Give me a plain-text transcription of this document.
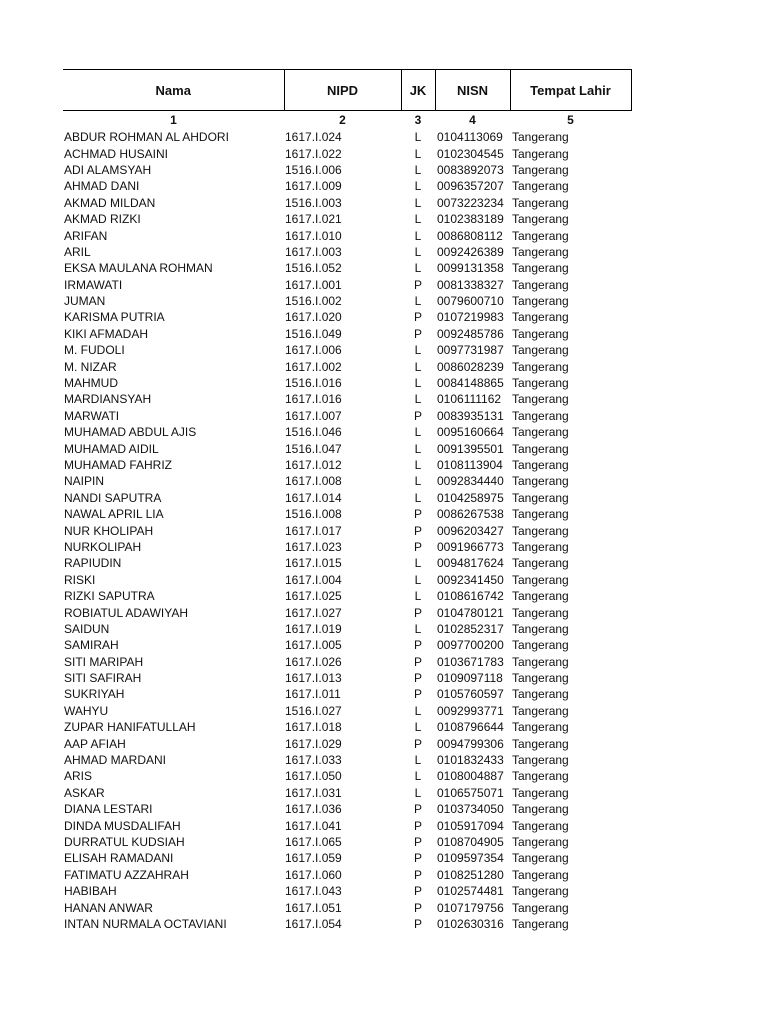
Nama	NIPD	JK	NISN	Tempat Lahir
1	2	3	4	5
ABDUR ROHMAN AL AHDORI	1617.I.024	L	0104113069	Tangerang
ACHMAD HUSAINI	1617.I.022	L	0102304545	Tangerang
ADI ALAMSYAH	1516.I.006	L	0083892073	Tangerang
AHMAD DANI	1617.I.009	L	0096357207	Tangerang
AKMAD MILDAN	1516.I.003	L	0073223234	Tangerang
AKMAD RIZKI	1617.I.021	L	0102383189	Tangerang
ARIFAN	1617.I.010	L	0086808112	Tangerang
ARIL	1617.I.003	L	0092426389	Tangerang
EKSA MAULANA ROHMAN	1516.I.052	L	0099131358	Tangerang
IRMAWATI	1617.I.001	P	0081338327	Tangerang
JUMAN	1516.I.002	L	0079600710	Tangerang
KARISMA PUTRIA	1617.I.020	P	0107219983	Tangerang
KIKI AFMADAH	1516.I.049	P	0092485786	Tangerang
M. FUDOLI	1617.I.006	L	0097731987	Tangerang
M. NIZAR	1617.I.002	L	0086028239	Tangerang
MAHMUD	1516.I.016	L	0084148865	Tangerang
MARDIANSYAH	1617.I.016	L	0106111162	Tangerang
MARWATI	1617.I.007	P	0083935131	Tangerang
MUHAMAD ABDUL AJIS	1516.I.046	L	0095160664	Tangerang
MUHAMAD AIDIL	1516.I.047	L	0091395501	Tangerang
MUHAMAD FAHRIZ	1617.I.012	L	0108113904	Tangerang
NAIPIN	1617.I.008	L	0092834440	Tangerang
NANDI SAPUTRA	1617.I.014	L	0104258975	Tangerang
NAWAL APRIL LIA	1516.I.008	P	0086267538	Tangerang
NUR KHOLIPAH	1617.I.017	P	0096203427	Tangerang
NURKOLIPAH	1617.I.023	P	0091966773	Tangerang
RAPIUDIN	1617.I.015	L	0094817624	Tangerang
RISKI	1617.I.004	L	0092341450	Tangerang
RIZKI SAPUTRA	1617.I.025	L	0108616742	Tangerang
ROBIATUL ADAWIYAH	1617.I.027	P	0104780121	Tangerang
SAIDUN	1617.I.019	L	0102852317	Tangerang
SAMIRAH	1617.I.005	P	0097700200	Tangerang
SITI MARIPAH	1617.I.026	P	0103671783	Tangerang
SITI SAFIRAH	1617.I.013	P	0109097118	Tangerang
SUKRIYAH	1617.I.011	P	0105760597	Tangerang
WAHYU	1516.I.027	L	0092993771	Tangerang
ZUPAR HANIFATULLAH	1617.I.018	L	0108796644	Tangerang
AAP AFIAH	1617.I.029	P	0094799306	Tangerang
AHMAD MARDANI	1617.I.033	L	0101832433	Tangerang
ARIS	1617.I.050	L	0108004887	Tangerang
ASKAR	1617.I.031	L	0106575071	Tangerang
DIANA LESTARI	1617.I.036	P	0103734050	Tangerang
DINDA MUSDALIFAH	1617.I.041	P	0105917094	Tangerang
DURRATUL KUDSIAH	1617.I.065	P	0108704905	Tangerang
ELISAH RAMADANI	1617.I.059	P	0109597354	Tangerang
FATIMATU AZZAHRAH	1617.I.060	P	0108251280	Tangerang
HABIBAH	1617.I.043	P	0102574481	Tangerang
HANAN ANWAR	1617.I.051	P	0107179756	Tangerang
INTAN NURMALA OCTAVIANI	1617.I.054	P	0102630316	Tangerang
